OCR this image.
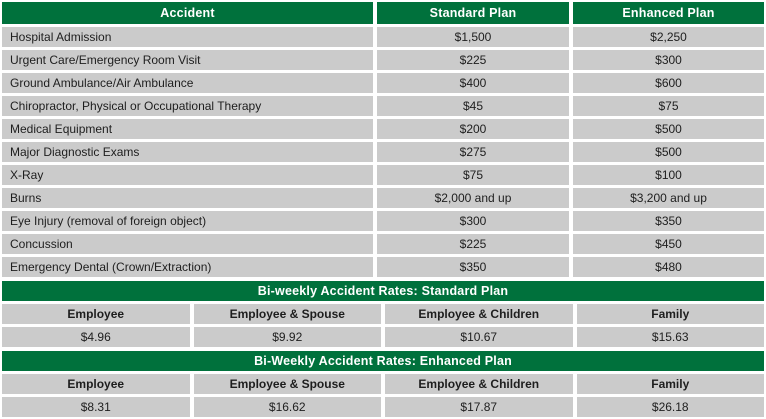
Accident	Standard Plan	Enhanced Plan
Hospital Admission	$1,500	$2,250
Urgent Care/Emergency Room Visit	$225	$300
Ground Ambulance/Air Ambulance	$400	$600
Chiropractor, Physical or Occupational Therapy	$45	$75
Medical Equipment	$200	$500
Major Diagnostic Exams	$275	$500
X-Ray	$75	$100
Burns	$2,000 and up	$3,200 and up
Eye Injury (removal of foreign object)	$300	$350
Concussion	$225	$450
Emergency Dental (Crown/Extraction)	$350	$480
Bi-weekly Accident Rates: Standard Plan
Employee	Employee & Spouse	Employee & Children	Family
$4.96	$9.92	$10.67	$15.63
Bi-Weekly Accident Rates: Enhanced Plan
Employee	Employee & Spouse	Employee & Children	Family
$8.31	$16.62	$17.87	$26.18
